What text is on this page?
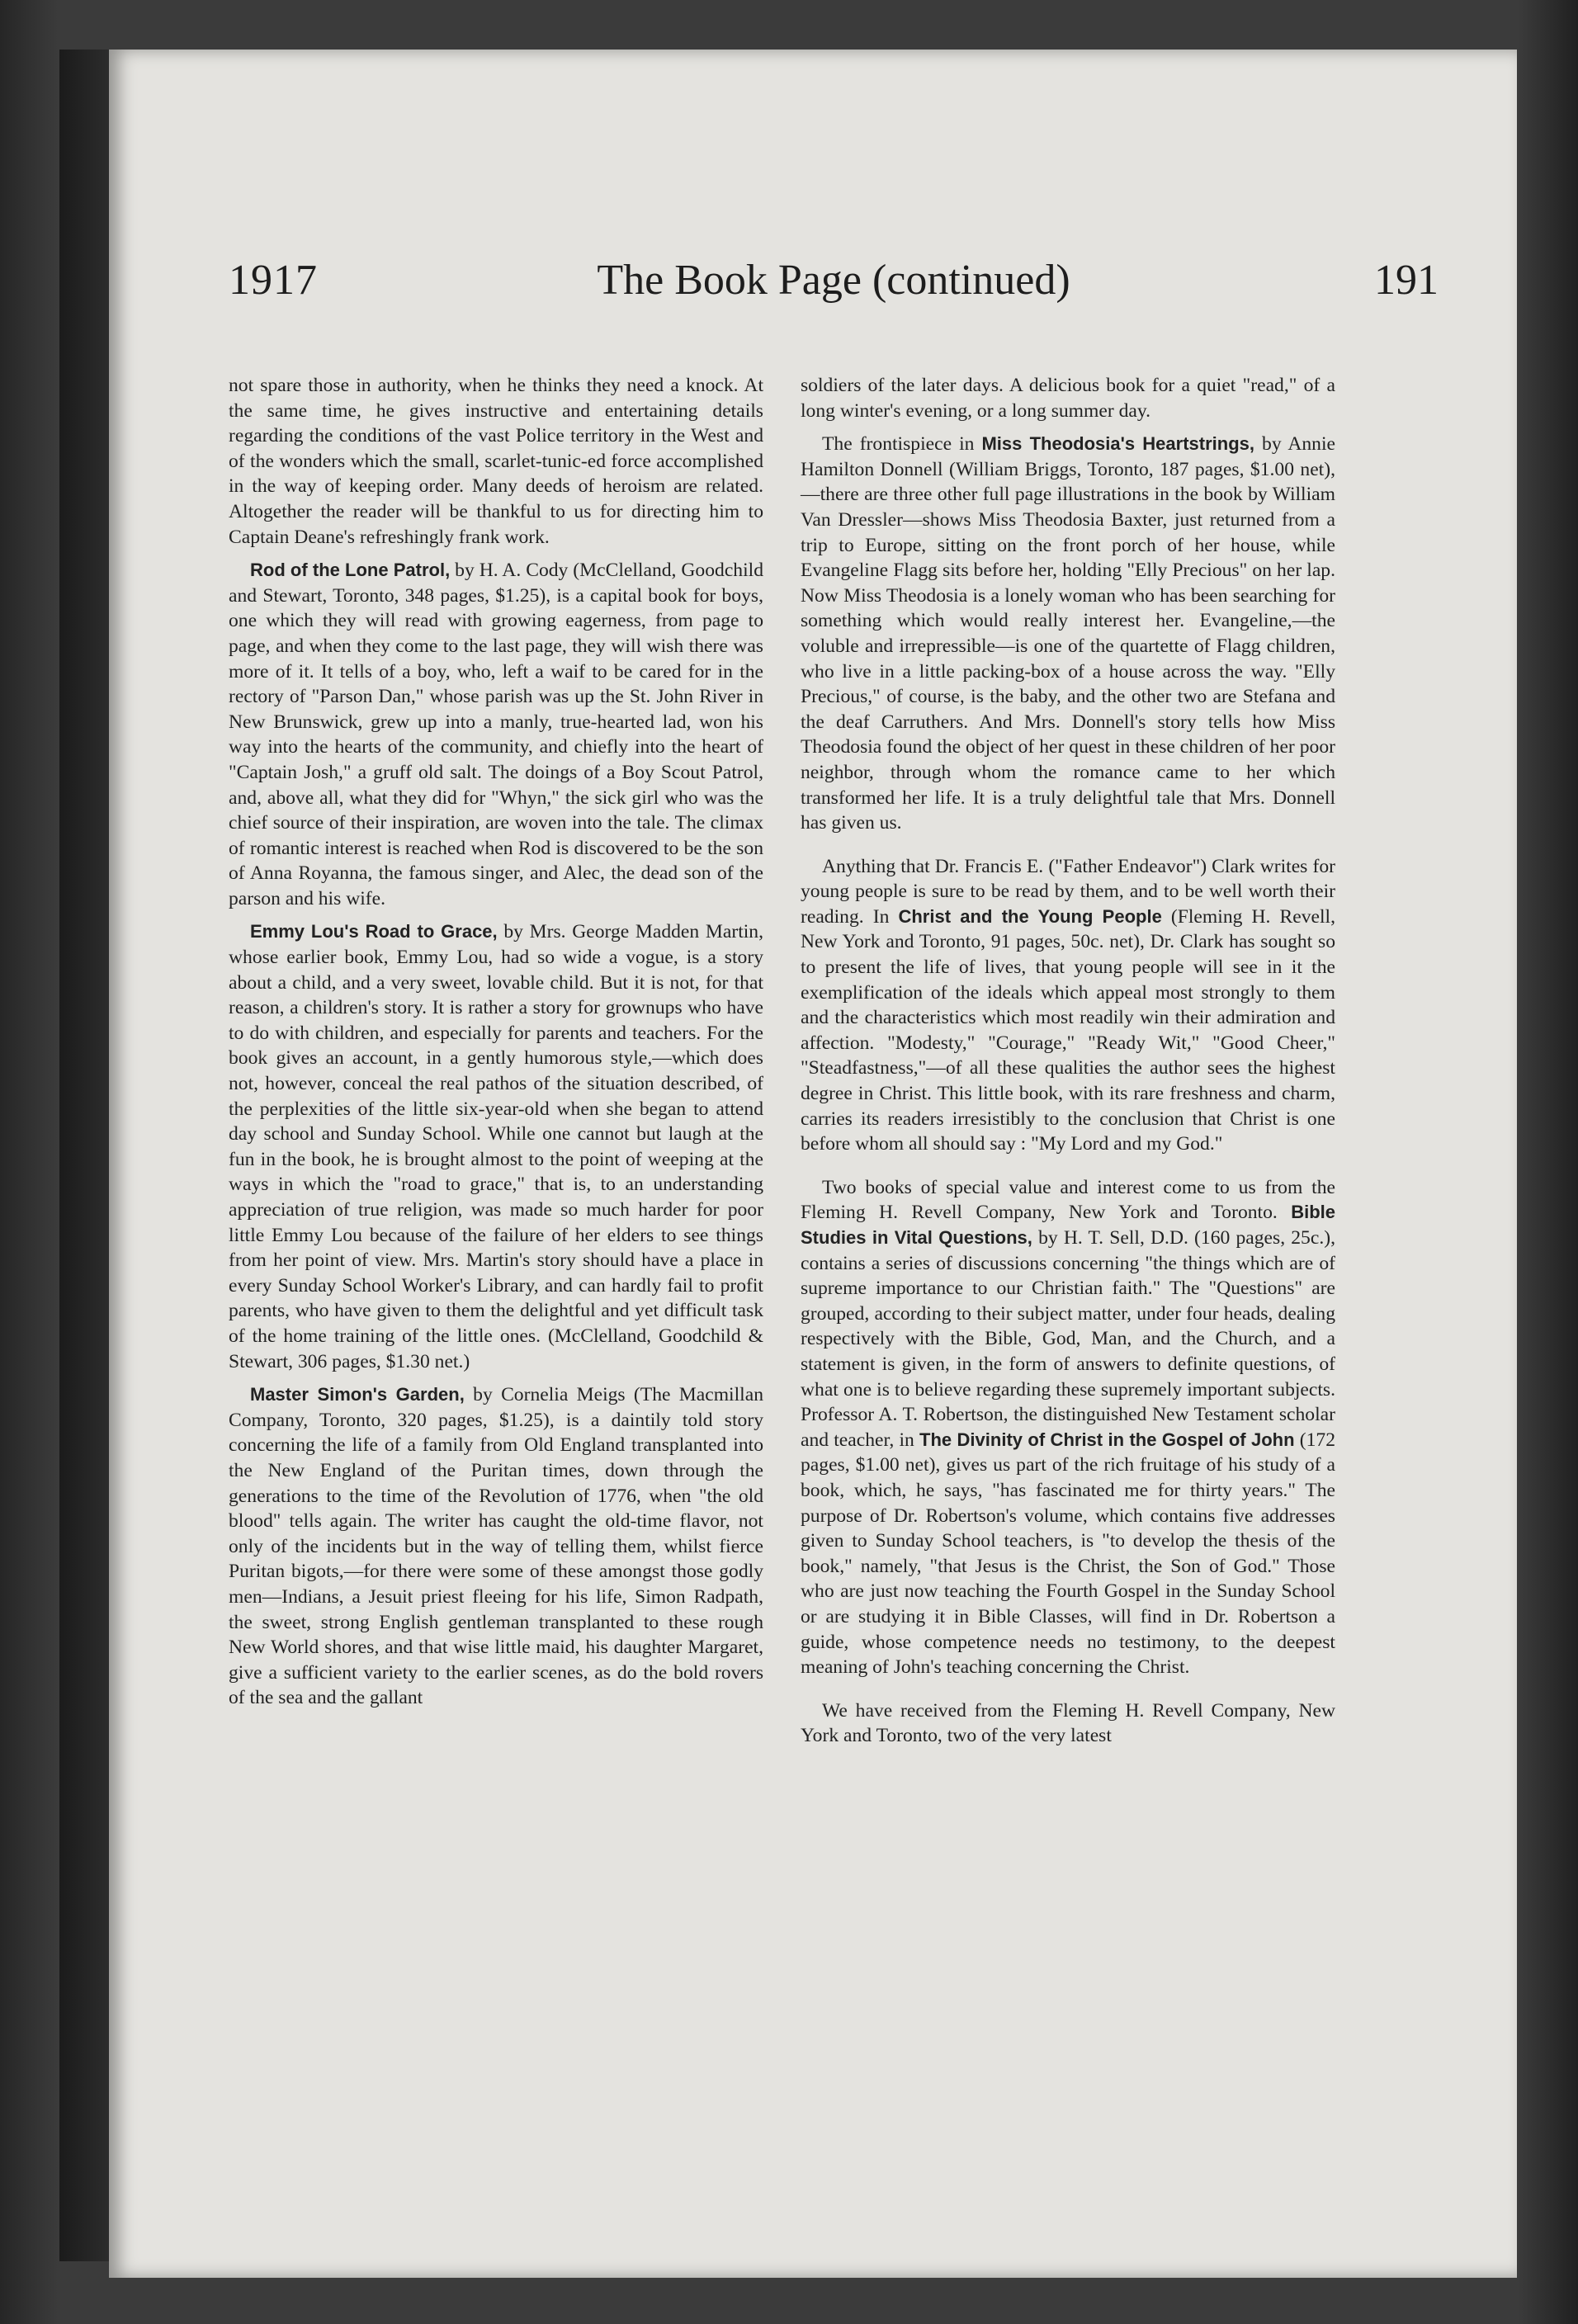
1917	The Book Page (continued)	191

not spare those in authority, when he thinks they need a knock. At the same time, he gives instructive and entertaining details regarding the conditions of the vast Police territory in the West and of the wonders which the small, scarlet-tunic-ed force accomplished in the way of keeping order. Many deeds of heroism are related. Altogether the reader will be thankful to us for directing him to Captain Deane's refreshingly frank work.

Rod of the Lone Patrol, by H. A. Cody (McClelland, Goodchild and Stewart, Toronto, 348 pages, $1.25), is a capital book for boys, one which they will read with growing eagerness, from page to page, and when they come to the last page, they will wish there was more of it. It tells of a boy, who, left a waif to be cared for in the rectory of "Parson Dan," whose parish was up the St. John River in New Brunswick, grew up into a manly, true-hearted lad, won his way into the hearts of the community, and chiefly into the heart of "Captain Josh," a gruff old salt. The doings of a Boy Scout Patrol, and, above all, what they did for "Whyn," the sick girl who was the chief source of their inspiration, are woven into the tale. The climax of romantic interest is reached when Rod is discovered to be the son of Anna Royanna, the famous singer, and Alec, the dead son of the parson and his wife.

Emmy Lou's Road to Grace, by Mrs. George Madden Martin, whose earlier book, Emmy Lou, had so wide a vogue, is a story about a child, and a very sweet, lovable child. But it is not, for that reason, a children's story. It is rather a story for grownups who have to do with children, and especially for parents and teachers. For the book gives an account, in a gently humorous style,—which does not, however, conceal the real pathos of the situation described, of the perplexities of the little six-year-old when she began to attend day school and Sunday School. While one cannot but laugh at the fun in the book, he is brought almost to the point of weeping at the ways in which the "road to grace," that is, to an understanding appreciation of true religion, was made so much harder for poor little Emmy Lou because of the failure of her elders to see things from her point of view. Mrs. Martin's story should have a place in every Sunday School Worker's Library, and can hardly fail to profit parents, who have given to them the delightful and yet difficult task of the home training of the little ones. (McClelland, Goodchild & Stewart, 306 pages, $1.30 net.)

Master Simon's Garden, by Cornelia Meigs (The Macmillan Company, Toronto, 320 pages, $1.25), is a daintily told story concerning the life of a family from Old England transplanted into the New England of the Puritan times, down through the generations to the time of the Revolution of 1776, when "the old blood" tells again. The writer has caught the old-time flavor, not only of the incidents but in the way of telling them, whilst fierce Puritan bigots,—for there were some of these amongst those godly men—Indians, a Jesuit priest fleeing for his life, Simon Radpath, the sweet, strong English gentleman transplanted to these rough New World shores, and that wise little maid, his daughter Margaret, give a sufficient variety to the earlier scenes, as do the bold rovers of the sea and the gallant

soldiers of the later days. A delicious book for a quiet "read," of a long winter's evening, or a long summer day.

The frontispiece in Miss Theodosia's Heartstrings, by Annie Hamilton Donnell (William Briggs, Toronto, 187 pages, $1.00 net),—there are three other full page illustrations in the book by William Van Dressler—shows Miss Theodosia Baxter, just returned from a trip to Europe, sitting on the front porch of her house, while Evangeline Flagg sits before her, holding "Elly Precious" on her lap. Now Miss Theodosia is a lonely woman who has been searching for something which would really interest her. Evangeline,—the voluble and irrepressible—is one of the quartette of Flagg children, who live in a little packing-box of a house across the way. "Elly Precious," of course, is the baby, and the other two are Stefana and the deaf Carruthers. And Mrs. Donnell's story tells how Miss Theodosia found the object of her quest in these children of her poor neighbor, through whom the romance came to her which transformed her life. It is a truly delightful tale that Mrs. Donnell has given us.

Anything that Dr. Francis E. ("Father Endeavor") Clark writes for young people is sure to be read by them, and to be well worth their reading. In Christ and the Young People (Fleming H. Revell, New York and Toronto, 91 pages, 50c. net), Dr. Clark has sought so to present the life of lives, that young people will see in it the exemplification of the ideals which appeal most strongly to them and the characteristics which most readily win their admiration and affection. "Modesty," "Courage," "Ready Wit," "Good Cheer," "Steadfastness,"—of all these qualities the author sees the highest degree in Christ. This little book, with its rare freshness and charm, carries its readers irresistibly to the conclusion that Christ is one before whom all should say : "My Lord and my God."

Two books of special value and interest come to us from the Fleming H. Revell Company, New York and Toronto. Bible Studies in Vital Questions, by H. T. Sell, D.D. (160 pages, 25c.), contains a series of discussions concerning "the things which are of supreme importance to our Christian faith." The "Questions" are grouped, according to their subject matter, under four heads, dealing respectively with the Bible, God, Man, and the Church, and a statement is given, in the form of answers to definite questions, of what one is to believe regarding these supremely important subjects. Professor A. T. Robertson, the distinguished New Testament scholar and teacher, in The Divinity of Christ in the Gospel of John (172 pages, $1.00 net), gives us part of the rich fruitage of his study of a book, which, he says, "has fascinated me for thirty years." The purpose of Dr. Robertson's volume, which contains five addresses given to Sunday School teachers, is "to develop the thesis of the book," namely, "that Jesus is the Christ, the Son of God." Those who are just now teaching the Fourth Gospel in the Sunday School or are studying it in Bible Classes, will find in Dr. Robertson a guide, whose competence needs no testimony, to the deepest meaning of John's teaching concerning the Christ.

We have received from the Fleming H. Revell Company, New York and Toronto, two of the very latest
